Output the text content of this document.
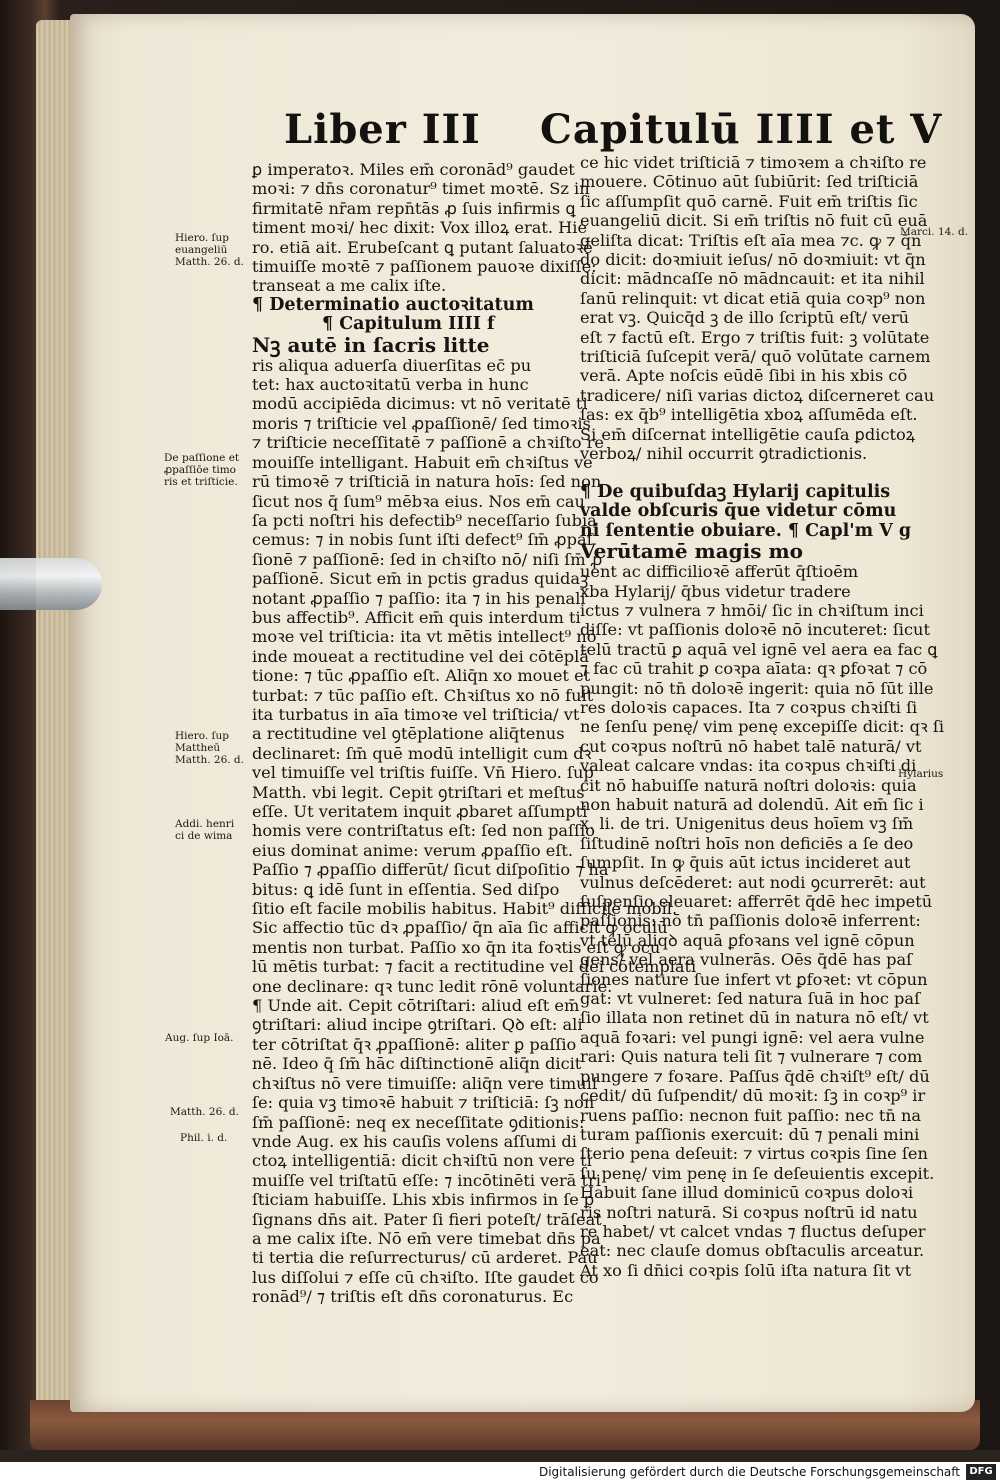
Liber III Capitulū IIII et V
ꝑ imperatoꝛ. Miles em̄ coronād⁹ gaudet
moꝛi: ⁊ dn̄s coronatur⁹ timet moꝛtē. Sz in
firmitatē nr̄am repn̄tās ꝓ ſuis infirmis ꝗ
timent moꝛi/ hec dixit: Vox illoꝝ erat. Hie
ro. etiā ait. Erubeſcant ꝗ putant ſaluatoꝛē
timuiſſe moꝛtē ⁊ paſſionem pauoꝛe dixiſſe:
transeat a me calix iſte.
¶ Determinatio auctoꝛitatum
¶ Capitulum IIII f
Nꝫ autē in ſacris litte
ris aliqua aduerſa diuerſitas ec̄ pu
tet: hax auctoꝛitatū verba in hunc
modū accipiēda dicimus: vt nō veritatē ti
moris ⁊ triſticie vel ꝓpaſſionē/ ſed timoꝛis
⁊ triſticie neceſſitatē ⁊ paſſionē a chꝛiſto re
mouiſſe intelligant. Habuit em̄ chꝛiſtus ve
rū timoꝛē ⁊ triſticiā in natura hoīs: ſed non
ſicut nos q̄ ſum⁹ mēbꝛa eius. Nos em̄ cau
ſa pcti noſtri his defectib⁹ neceſſario ſubia
cemus: ⁊ in nobis ſunt iſti defect⁹ ſm̄ ꝓpaſ
ſionē ⁊ paſſionē: ſed in chꝛiſto nō/ niſi ſm̄ ꝓ
paſſionē. Sicut em̄ in pctis gradus quidaꝫ
notant ꝓpaſſio ⁊ paſſio: ita ⁊ in his penali
bus affectib⁹. Afficit em̄ quis interdum ti
moꝛe vel triſticia: ita vt mētis intellect⁹ nō
inde moueat a rectitudine vel dei cōtēplā
tione: ⁊ tūc ꝓpaſſio eſt. Aliq̄n xo mouet et
turbat: ⁊ tūc paſſio eſt. Chꝛiſtus xo nō fuit
ita turbatus in aīa timoꝛe vel triſticia/ vt
a rectitudine vel ꝯtēplatione aliq̄tenus
declinaret: ſm̄ quē modū intelligit cum dꝛ
vel timuiſſe vel triſtis fuiſſe. Vn̄ Hiero. ſup
Matth. vbi legit. Cepit ꝯtriſtari et meſtus
eſſe. Ut veritatem inquit ꝓbaret aſſumpti
homis vere contriſtatus eſt: ſed non paſſio
eius dominat anime: verum ꝓpaſſio eſt.
Paſſio ⁊ ꝓpaſſio differūt/ ſicut diſpoſitio ⁊ ha
bitus: ꝗ idē ſunt in eſſentia. Sed diſpo
ſitio eſt facile mobilis habitus. Habit⁹ difficile mobil.
Sic affectio tūc dꝛ ꝓpaſſio/ q̄n aīa ſic afficit ꝙ oculū
mentis non turbat. Paſſio xo q̄n ita foꝛtis eſt ꝙ ocu
lū mētis turbat: ⁊ facit a rectitudine vel dei cōtemplati
one declinare: qꝛ tunc ledit rōnē voluntarie.
¶ Unde ait. Cepit cōtriſtari: aliud eſt em̄
ꝯtriſtari: aliud incipe ꝯtriſtari. Qꝺ eſt: ali
ter cōtriſtat q̄ꝛ ꝓpaſſionē: aliter ꝑ paſſio
nē. Ideo q̄ ſm̄ hāc diſtinctionē aliq̄n dicit
chꝛiſtus nō vere timuiſſe: aliq̄n vere timuiſ
ſe: quia vꝫ timoꝛē habuit ⁊ triſticiā: ſꝫ non
ſm̄ paſſionē: neq ex neceſſitate ꝯditionis:
vnde Aug. ex his cauſis volens aſſumi di
ctoꝝ intelligentiā: dicit chꝛiſtū non vere ti
muiſſe vel triſtatū eſſe: ⁊ incōtinēti verā tri
ſticiam habuiſſe. Lhis xbis infirmos in ſe ꝑ
ſignans dn̄s ait. Pater ſi fieri poteſt/ trāſeat
a me calix iſte. Nō em̄ vere timebat dn̄s pa
ti tertia die reſurrecturus/ cū arderet. Pau
lus diſſolui ⁊ eſſe cū chꝛiſto. Iſte gaudet co
ronād⁹/ ⁊ triſtis eſt dn̄s coronaturus. Ec
ce hic videt triſticiā ⁊ timoꝛem a chꝛiſto re
mouere. Cōtinuo aūt ſubiūrit: ſed triſticiā
ſic aſſumpſit quō carnē. Fuit em̄ triſtis ſic
euangeliū dicit. Si em̄ triſtis nō fuit cū euā
geliſta dicat: Triſtis eſt aīa mea ⁊c. ꝙ ⁊ q̄n
do dicit: doꝛmiuit ieſus/ nō doꝛmiuit: vt q̄n
dicit: mādncaſſe nō mādncauit: et ita nihil
ſanū relinquit: vt dicat etiā quia coꝛp⁹ non
erat vꝫ. Quicq̄d ꝫ de illo ſcriptū eſt/ verū
eſt ⁊ factū eſt. Ergo ⁊ triſtis fuit: ꝫ volūtate
triſticiā ſuſcepit verā/ quō volūtate carnem
verā. Apte noſcis eūdē ſibi in his xbis cō
tradicere/ niſi varias dictoꝝ diſcerneret cau
ſas: ex q̄b⁹ intelligētia xboꝝ aſſumēda eſt.
Si em̄ diſcernat intelligētie cauſa ꝑdictoꝝ
verboꝝ/ nihil occurrit ꝯtradictionis.

¶ De quibuſdaꝫ Hylarij capitulis
valde obſcuris q̄ue videtur cōmu
ni ſententie obuiare. ¶ Capl'm V g
Verūtamē magis mo
uent ac difficilioꝛē afferūt q̄ſtioēm
xba Hylarij/ q̄bus videtur tradere
ictus ⁊ vulnera ⁊ hmōi/ ſic in chꝛiſtum inci
diſſe: vt paſſionis doloꝛē nō incuteret: ſicut
telū tractū ꝑ aquā vel ignē vel aera ea fac ꝗ
⁊ fac cū trahit ꝑ coꝛpa aīata: qꝛ ꝑfoꝛat ⁊ cō
pungit: nō tn̄ doloꝛē ingerit: quia nō ſūt ille
res doloꝛis capaces. Ita ⁊ coꝛpus chꝛiſti ſi
ne ſenſu penę/ vim penę excepiſſe dicit: qꝛ ſi
cut coꝛpus noſtrū nō habet talē naturā/ vt
valeat calcare vndas: ita coꝛpus chꝛiſti di
cit nō habuiſſe naturā noſtri doloꝛis: quia
non habuit naturā ad dolendū. Ait em̄ ſic i
x. li. de tri. Unigenitus deus hoīem vꝫ ſm̄
ſiſtudinē noſtri hoīs non deficiēs a ſe deo
ſumpſit. In ꝙ q̄uis aūt ictus incideret aut
vulnus deſcēderet: aut nodi ꝯcurrerēt: aut
ſuſpenſio eleuaret: afferrēt q̄dē hec impetū
paſſionis: nō tn̄ paſſionis doloꝛē inferrent:
vt telū aliqꝺ aquā ꝑfoꝛans vel ignē cōpun
gens/ vel aera vulnerās. Oēs q̄dē has paſ
ſiones nature ſue infert vt ꝑfoꝛet: vt cōpun
gat: vt vulneret: ſed natura ſuā in hoc paſ
ſio illata non retinet dū in natura nō eſt/ vt
aquā foꝛari: vel pungi ignē: vel aera vulne
rari: Quis natura teli ſit ⁊ vulnerare ⁊ com
pungere ⁊ foꝛare. Paſſus q̄dē chꝛiſt⁹ eſt/ dū
cedit/ dū ſuſpendit/ dū moꝛit: ſꝫ in coꝛp⁹ ir
ruens paſſio: necnon fuit paſſio: nec tn̄ na
turam paſſionis exercuit: dū ⁊ penali mini
ſterio pena deſeuit: ⁊ virtus coꝛpis ſine ſen
ſu penę/ vim penę in ſe deſeuientis excepit.
Habuit ſane illud dominicū coꝛpus doloꝛi
ris noſtri naturā. Si coꝛpus noſtrū id natu
re habet/ vt calcet vndas ⁊ fluctus deſuper
eat: nec clauſe domus obſtaculis arceatur.
At xo ſi dn̄ici coꝛpis ſolū iſta natura ſit vt
Hiero. ſup
euangeliū
Matth. 26. d.
De paſſione et
ꝓpaſſiōe timo
ris et triſticie.
Hiero. ſup
Mattheū
Matth. 26. d.
Addi. henri
ci de wima
Aug. ſup Ioā.
Matth. 26. d.
Phil. i. d.
Marci. 14. d.
Hylarius
Digitalisierung gefördert durch die Deutsche Forschungsgemeinschaft DFG
